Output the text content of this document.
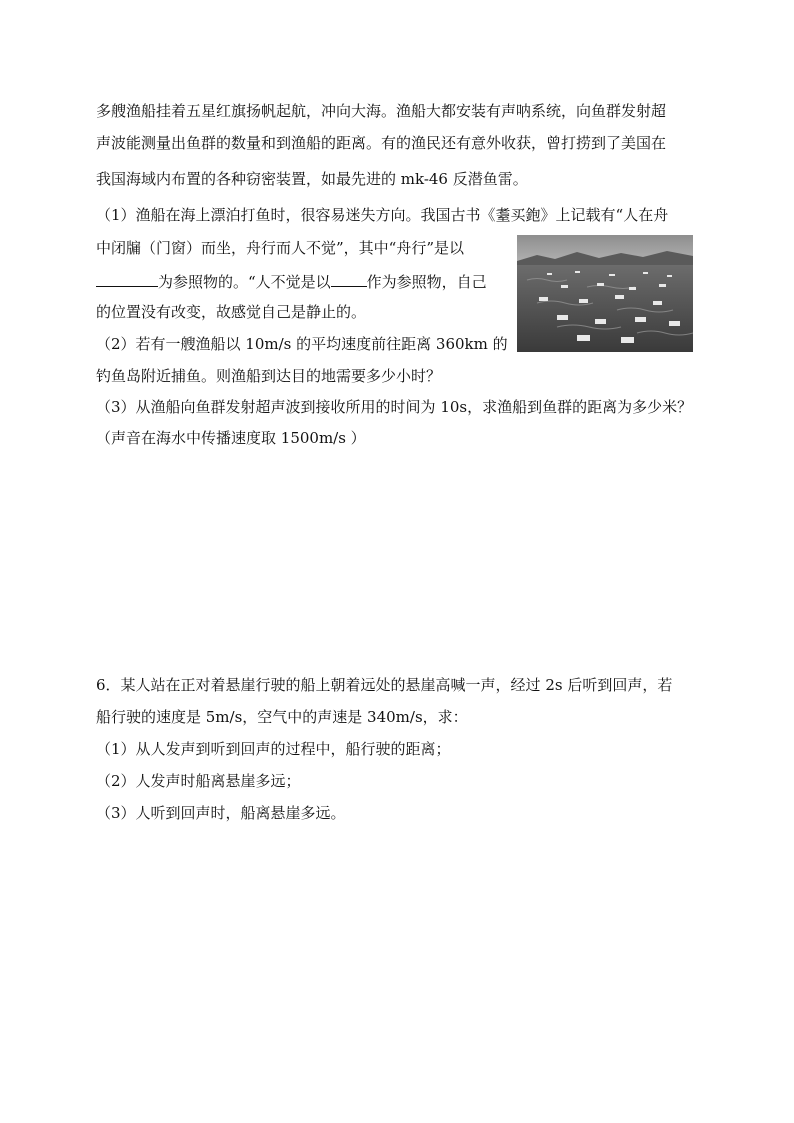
多艘渔船挂着五星红旗扬帆起航，冲向大海。渔船大都安装有声呐系统，向鱼群发射超
声波能测量出鱼群的数量和到渔船的距离。有的渔民还有意外收获，曾打捞到了美国在
我国海域内布置的各种窃密装置，如最先进的 mk-46 反潜鱼雷。
（1）渔船在海上漂泊打鱼时，很容易迷失方向。我国古书《耋买鉋》上记载有“人在舟
中闭牖（门窗）而坐，舟行而人不觉”，其中“舟行”是以
为参照物的。“人不觉是以 作为参照物，自己
的位置没有改变，故感觉自己是静止的。
（2）若有一艘渔船以 10m/s 的平均速度前往距离 360km 的
钓鱼岛附近捕鱼。则渔船到达目的地需要多少小时？
（3）从渔船向鱼群发射超声波到接收所用的时间为 10s，求渔船到鱼群的距离为多少米？
（声音在海水中传播速度取 1500m/s ）
6．某人站在正对着悬崖行驶的船上朝着远处的悬崖高喊一声，经过 2s 后听到回声，若
船行驶的速度是 5m/s，空气中的声速是 340m/s，求：
（1）从人发声到听到回声的过程中，船行驶的距离；
（2）人发声时船离悬崖多远；
（3）人听到回声时，船离悬崖多远。
